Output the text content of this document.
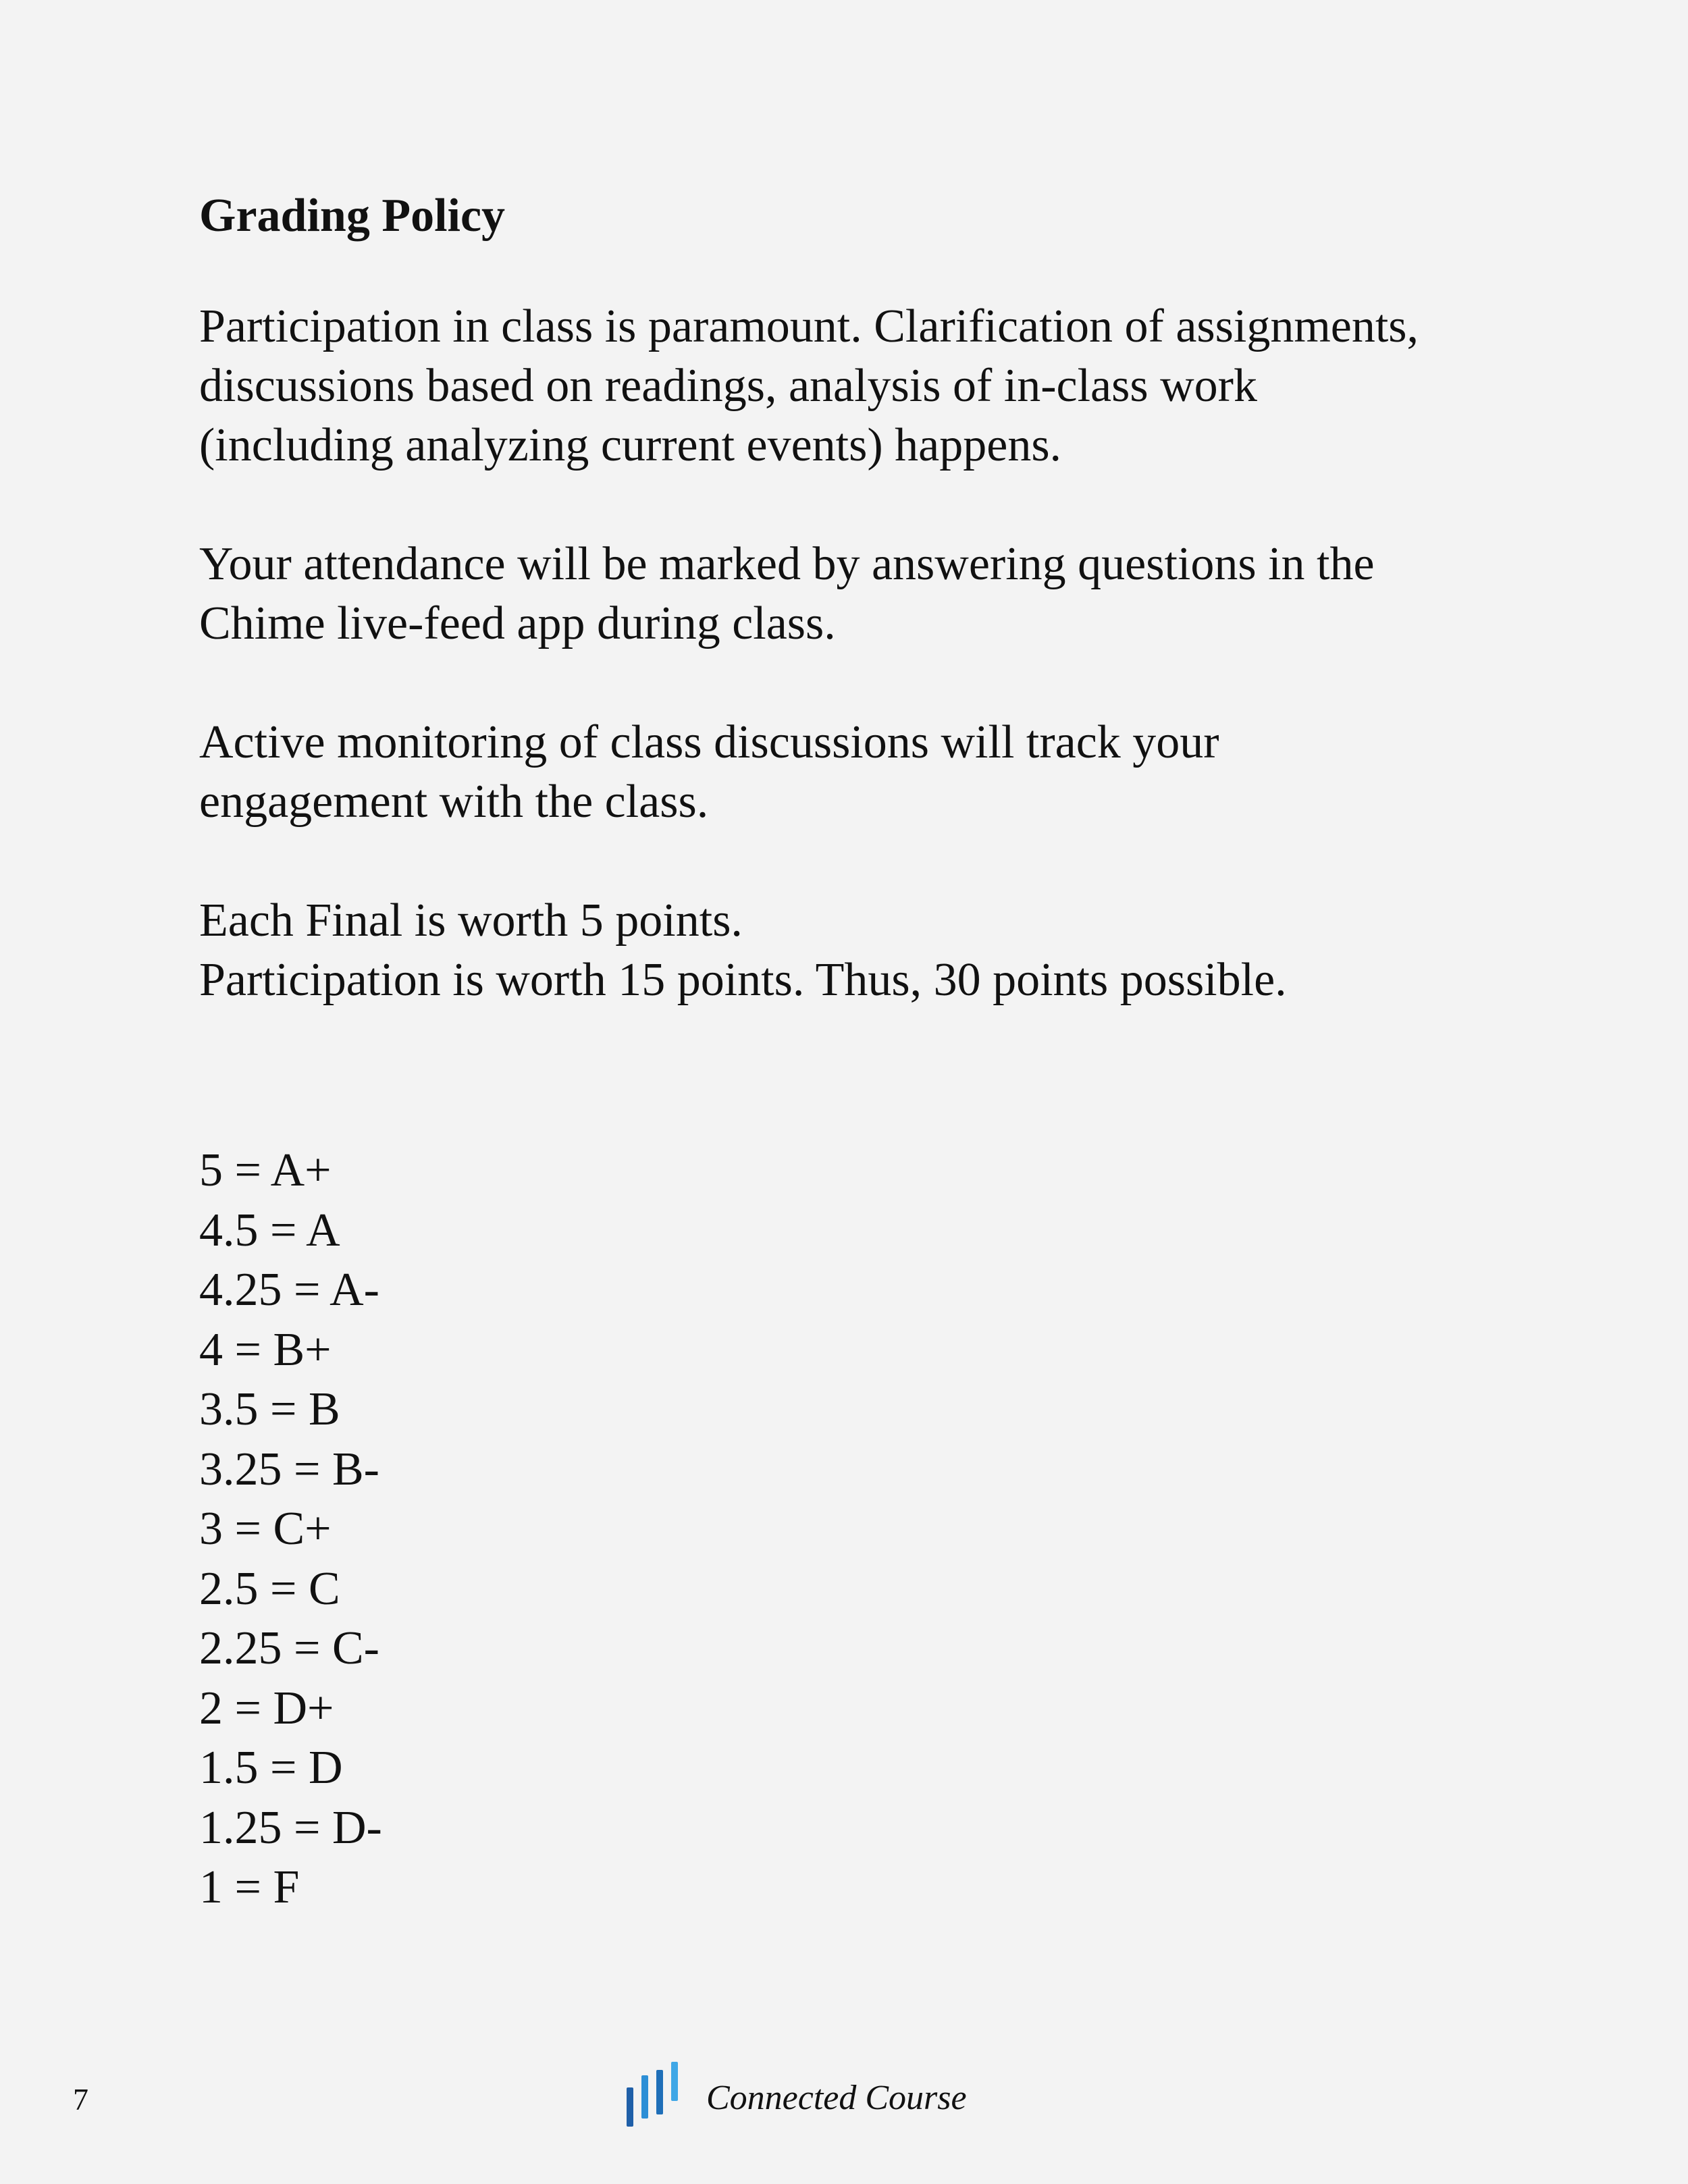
Grading Policy

Participation in class is paramount. Clarification of assignments,
discussions based on readings, analysis of in-class work
(including analyzing current events) happens.

Your attendance will be marked by answering questions in the
Chime live-feed app during class.

Active monitoring of class discussions will track your
engagement with the class.

Each Final is worth 5 points.
Participation is worth 15 points. Thus, 30 points possible.

5 = A+
4.5 = A
4.25 = A-
4 = B+
3.5 = B
3.25 = B-
3 = C+
2.5 = C
2.25 = C-
2 = D+
1.5 = D
1.25 = D-
1 = F
7	Connected Course
